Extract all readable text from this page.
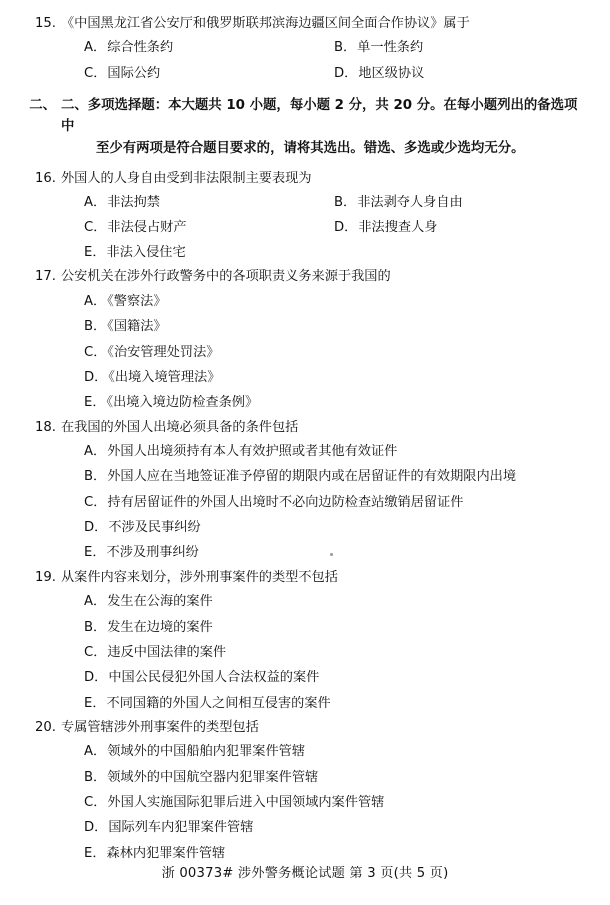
15. 《中国黑龙江省公安厅和俄罗斯联邦滨海边疆区间全面合作协议》属于
A．综合性条约	B．单一性条约
C．国际公约	D．地区级协议
二、 二、多项选择题：本大题共 10 小题，每小题 2 分，共 20 分。在每小题列出的备选项中
至少有两项是符合题目要求的，请将其选出。错选、多选或少选均无分。
16. 外国人的人身自由受到非法限制主要表现为
A．非法拘禁	B．非法剥夺人身自由
C．非法侵占财产	D．非法搜查人身
E．非法入侵住宅
17. 公安机关在涉外行政警务中的各项职责义务来源于我国的
A．《警察法》
B．《国籍法》
C．《治安管理处罚法》
D．《出境入境管理法》
E．《出境入境边防检查条例》
18. 在我国的外国人出境必须具备的条件包括
A．外国人出境须持有本人有效护照或者其他有效证件
B．外国人应在当地签证准予停留的期限内或在居留证件的有效期限内出境
C．持有居留证件的外国人出境时不必向边防检查站缴销居留证件
D．不涉及民事纠纷
E．不涉及刑事纠纷
19. 从案件内容来划分，涉外刑事案件的类型不包括
A．发生在公海的案件
B．发生在边境的案件
C．违反中国法律的案件
D．中国公民侵犯外国人合法权益的案件
E．不同国籍的外国人之间相互侵害的案件
20. 专属管辖涉外刑事案件的类型包括
A．领域外的中国船舶内犯罪案件管辖
B．领域外的中国航空器内犯罪案件管辖
C．外国人实施国际犯罪后进入中国领域内案件管辖
D．国际列车内犯罪案件管辖
E．森林内犯罪案件管辖
浙 00373# 涉外警务概论试题 第 3 页(共 5 页)
